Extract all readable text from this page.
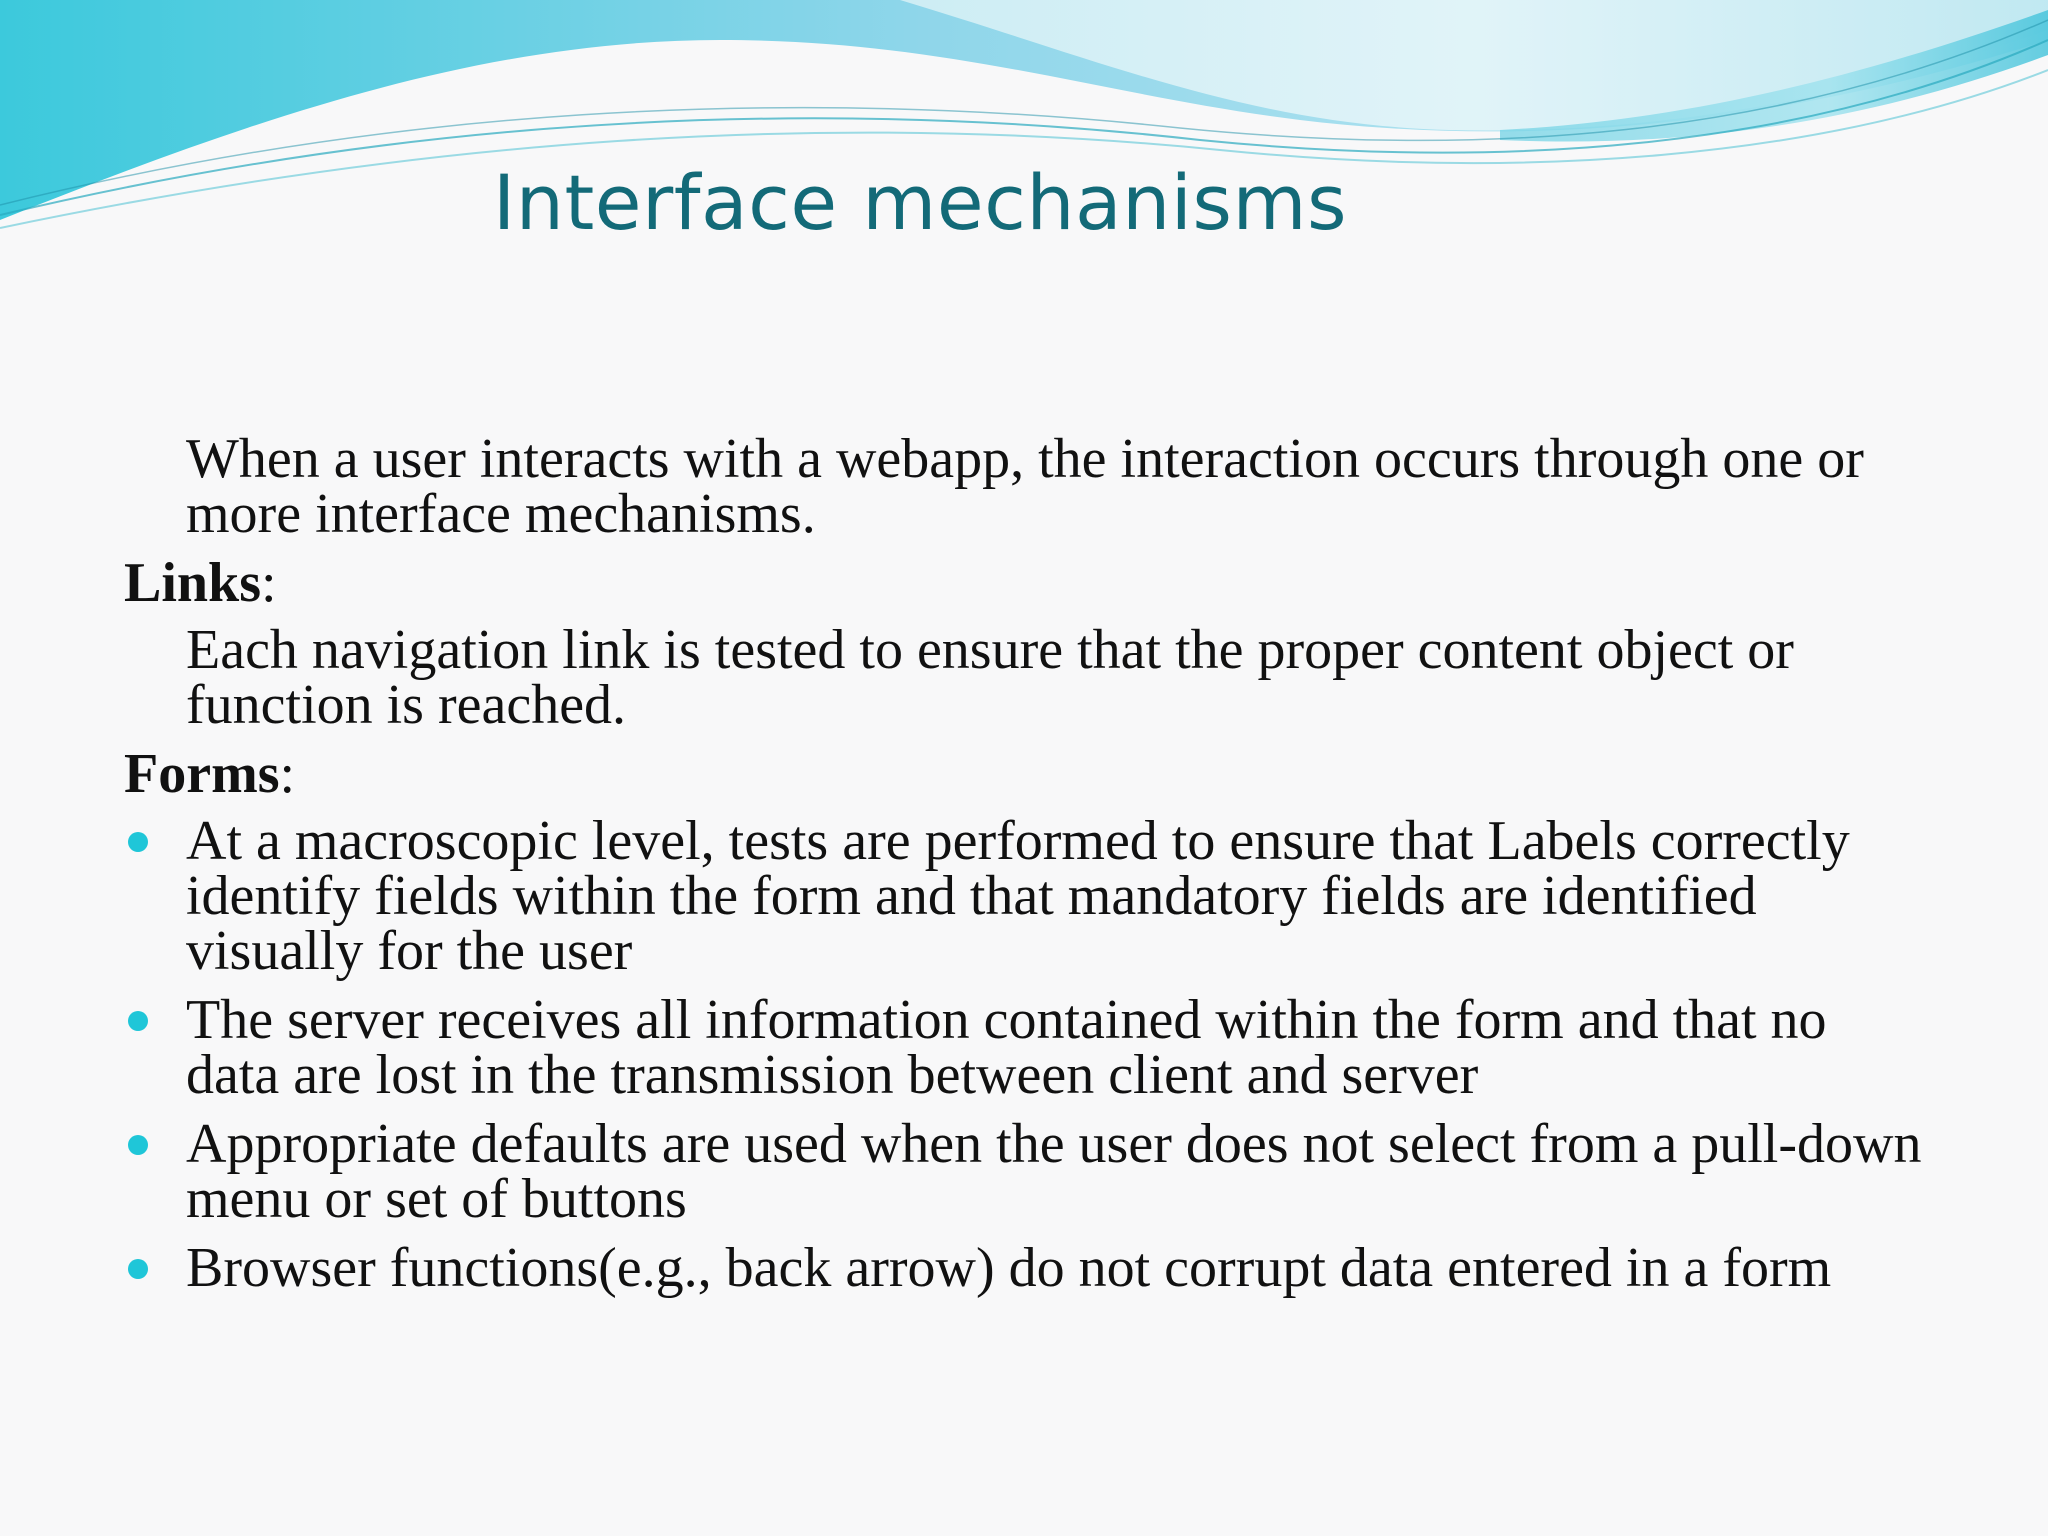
Interface mechanisms

When a user interacts with a webapp, the interaction occurs through one or more interface mechanisms.

Links:

Each navigation link is tested to ensure that the proper content object or function is reached.

Forms:

At a macroscopic level, tests are performed to ensure that Labels correctly identify fields within the form and that mandatory fields are identified visually for the user
The server receives all information contained within the form and that no data are lost in the transmission between client and server
Appropriate defaults are used when the user does not select from a pull-down menu or set of buttons
Browser functions(e.g., back arrow) do not corrupt data entered in a form
